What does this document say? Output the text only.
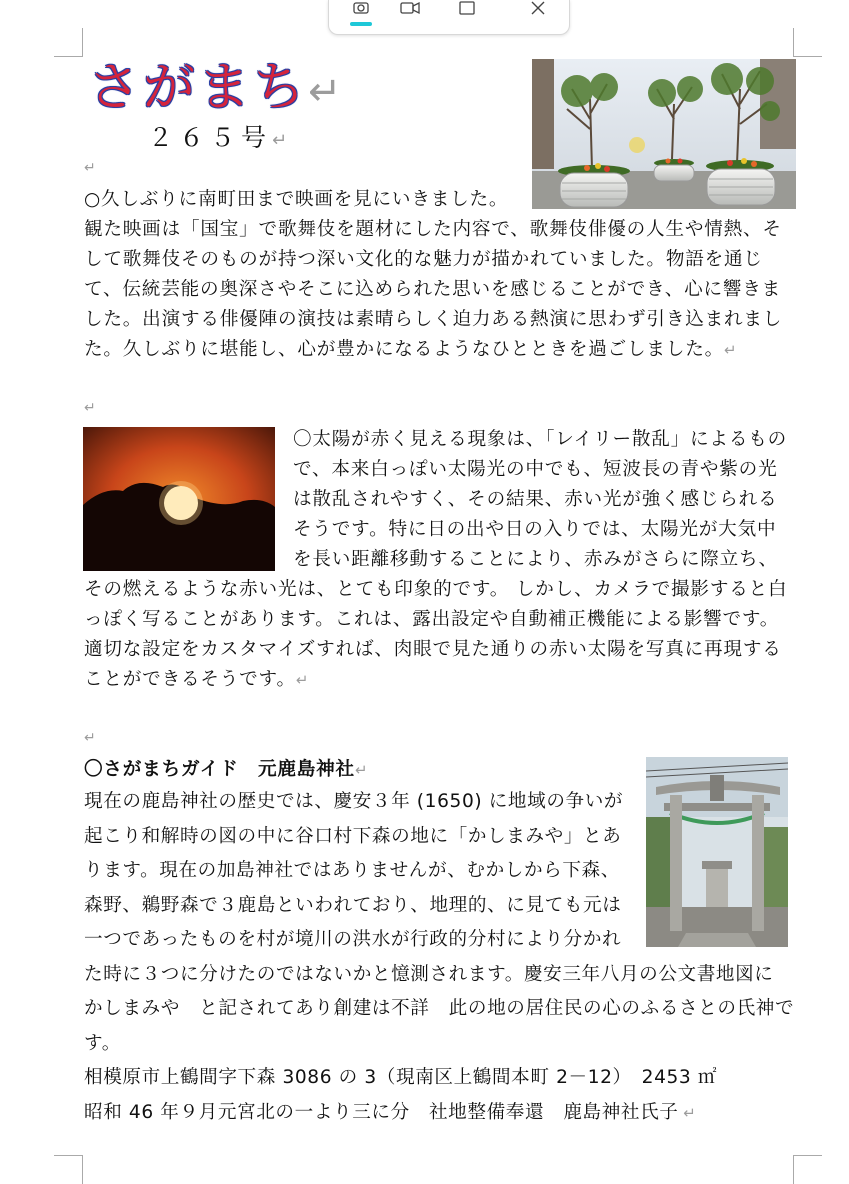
さがまち↵
２６５号↵
↵

○久しぶりに南町田まで映画を見にいきました。観た映画は「国宝」で歌舞伎を題材にした内容で、歌舞伎俳優の人生や情熱、そして歌舞伎そのものが持つ深い文化的な魅力が描かれていました。物語を通じて、伝統芸能の奥深さやそこに込められた思いを感じることができ、心に響きました。出演する俳優陣の演技は素晴らしく迫力ある熱演に思わず引き込まれました。久しぶりに堪能し、心が豊かになるようなひとときを過ごしました。↵

↵

〇太陽が赤く見える現象は、「レイリー散乱」によるもので、本来白っぽい太陽光の中でも、短波長の青や紫の光は散乱されやすく、その結果、赤い光が強く感じられるそうです。特に日の出や日の入りでは、太陽光が大気中を長い距離移動することにより、赤みがさらに際立ち、その燃えるような赤い光は、とても印象的です。 しかし、カメラで撮影すると白っぽく写ることがあります。これは、露出設定や自動補正機能による影響です。適切な設定をカスタマイズすれば、肉眼で見た通りの赤い太陽を写真に再現することができるそうです。↵

↵

〇さがまちガイド　元鹿島神社↵

現在の鹿島神社の歴史では、慶安３年 (1650) に地域の争いが起こり和解時の図の中に谷口村下森の地に「かしまみや」とあります。現在の加島神社ではありませんが、むかしから下森、森野、鵜野森で３鹿島といわれており、地理的、に見ても元は一つであったものを村が境川の洪水が行政的分村により分かれた時に３つに分けたのではないかと憶測されます。慶安三年八月の公文書地図に　かしまみや　と記されてあり創建は不詳　此の地の居住民の心のふるさとの氏神です。
相模原市上鶴間字下森 3086 の 3（現南区上鶴間本町 2－12）　2453 ㎡
昭和 46 年９月元宮北の一より三に分　社地整備奉還　鹿島神社氏子 ↵
